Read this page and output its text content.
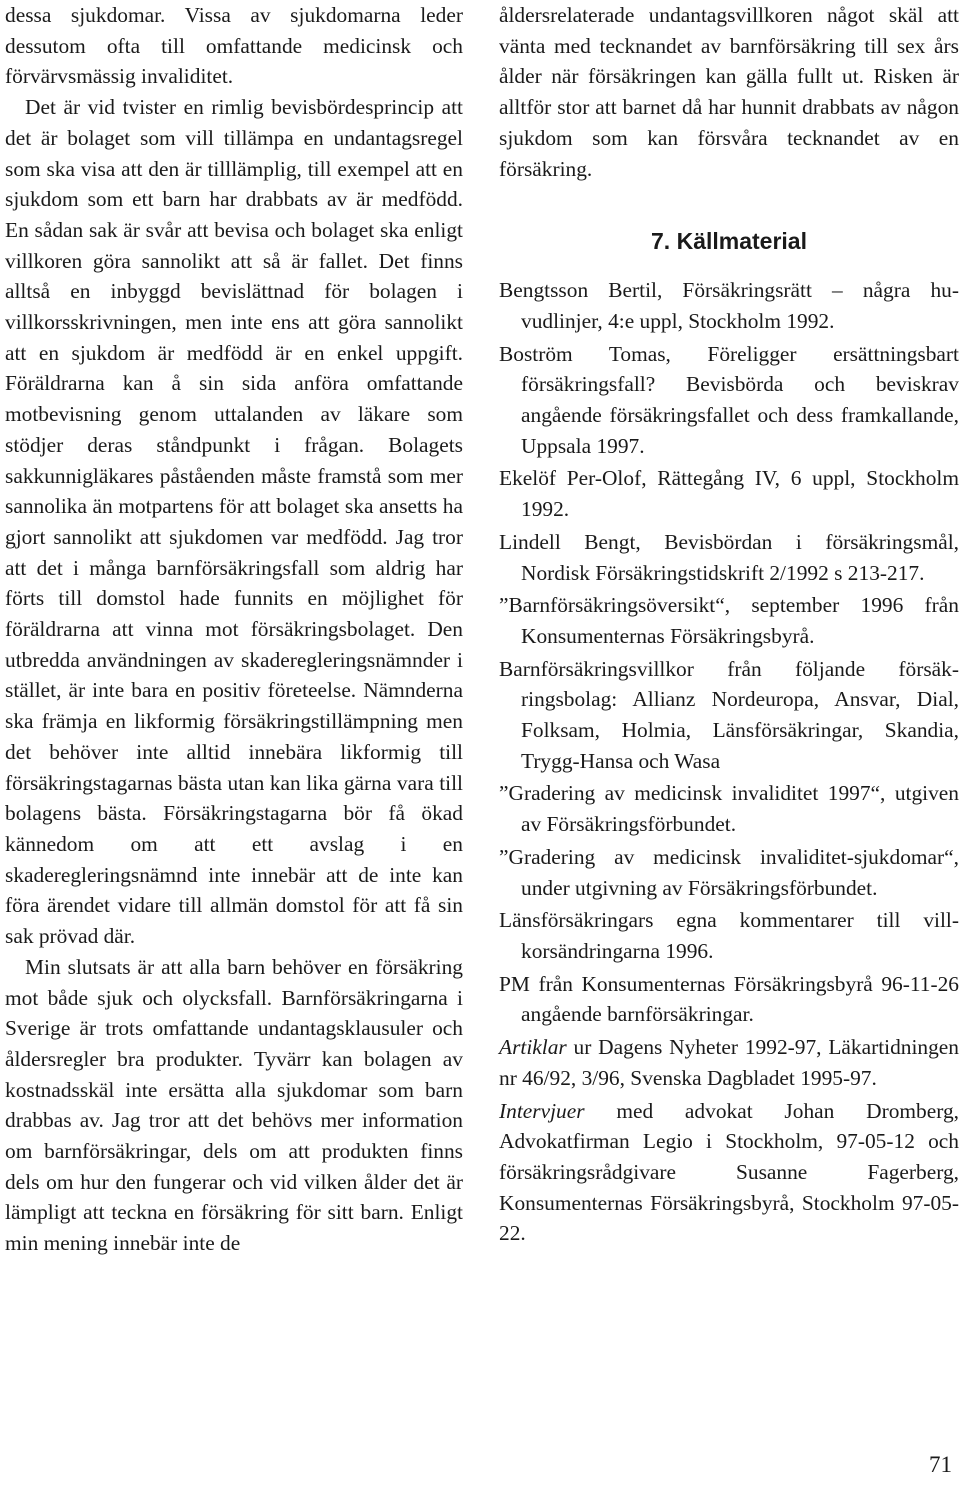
dessa sjukdomar. Vissa av sjukdomarna leder dessutom ofta till omfattande medicinsk och förvärvsmässig invaliditet.

Det är vid tvister en rimlig bevisbördesprincip att det är bolaget som vill tillämpa en undantagsregel som ska visa att den är tilllämplig, till exempel att en sjukdom som ett barn har drabbats av är medfödd. En sådan sak är svår att bevisa och bolaget ska enligt villkoren göra sannolikt att så är fallet. Det finns alltså en inbyggd bevislättnad för bolagen i villkorsskrivningen, men inte ens att göra sannolikt att en sjukdom är medfödd är en enkel uppgift. Föräldrarna kan å sin sida anföra omfattande motbevisning genom uttalanden av läkare som stödjer deras ståndpunkt i frågan. Bolagets sakkunnigläkares påståenden måste framstå som mer sannolika än motpartens för att bolaget ska ansetts ha gjort sannolikt att sjukdomen var medfödd. Jag tror att det i många barnförsäkringsfall som aldrig har förts till domstol hade funnits en möjlighet för föräldrarna att vinna mot försäkringsbolaget. Den utbredda användningen av skaderegleringsnämnder i stället, är inte bara en positiv företeelse. Nämnderna ska främja en likformig försäkringstillämpning men det behöver inte alltid innebära likformig till försäkringstagarnas bästa utan kan lika gärna vara till bolagens bästa. Försäkringstagarna bör få ökad kännedom om att ett avslag i en skaderegleringsnämnd inte innebär att de inte kan föra ärendet vidare till allmän domstol för att få sin sak prövad där.

Min slutsats är att alla barn behöver en försäkring mot både sjuk och olycksfall. Barnförsäkringarna i Sverige är trots omfattande undantagsklausuler och åldersregler bra produkter. Tyvärr kan bolagen av kostnadsskäl inte ersätta alla sjukdomar som barn drabbas av. Jag tror att det behövs mer information om barnförsäkringar, dels om att produkten finns dels om hur den fungerar och vid vilken ålder det är lämpligt att teckna en försäkring för sitt barn. Enligt min mening innebär inte de

åldersrelaterade undantagsvillkoren något skäl att vänta med tecknandet av barnförsäkring till sex års ålder när försäkringen kan gälla fullt ut. Risken är alltför stor att barnet då har hunnit drabbats av någon sjukdom som kan försvåra tecknandet av en försäkring.

7. Källmaterial

Bengtsson Bertil, Försäkringsrätt – några huvudlinjer, 4:e uppl, Stockholm 1992.

Boström Tomas, Föreligger ersättningsbart försäkringsfall? Bevisbörda och beviskrav angående försäkringsfallet och dess framkallande, Uppsala 1997.

Ekelöf Per-Olof, Rättegång IV, 6 uppl, Stockholm 1992.

Lindell Bengt, Bevisbördan i försäkringsmål, Nordisk Försäkringstidskrift 2/1992 s 213-217.

”Barnförsäkringsöversikt“, september 1996 från Konsumenternas Försäkringsbyrå.

Barnförsäkringsvillkor från följande försäkringsbolag: Allianz Nordeuropa, Ansvar, Dial, Folksam, Holmia, Länsförsäkringar, Skandia, Trygg-Hansa och Wasa

”Gradering av medicinsk invaliditet 1997“, utgiven av Försäkringsförbundet.

”Gradering av medicinsk invaliditet-sjukdomar“, under utgivning av Försäkringsförbundet.

Länsförsäkringars egna kommentarer till villkorsändringarna 1996.

PM från Konsumenternas Försäkringsbyrå 96-11-26 angående barnförsäkringar.

Artiklar ur Dagens Nyheter 1992-97, Läkartidningen nr 46/92, 3/96, Svenska Dagbladet 1995-97.

Intervjuer med advokat Johan Dromberg, Advokatfirman Legio i Stockholm, 97-05-12 och försäkringsrådgivare Susanne Fagerberg, Konsumenternas Försäkringsbyrå, Stockholm 97-05-22.

71
